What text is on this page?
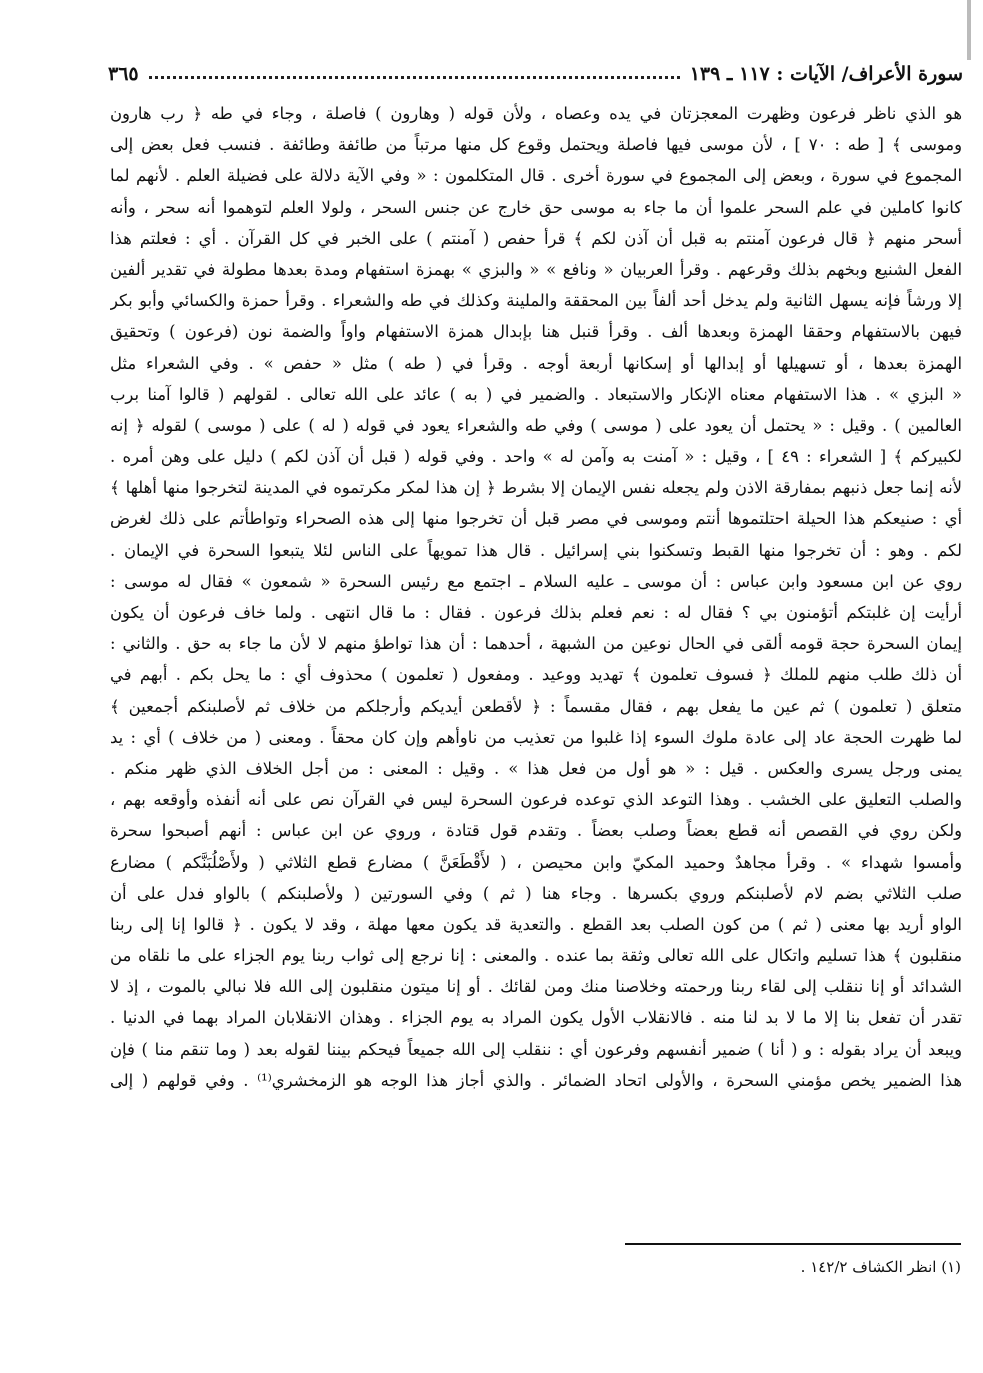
سورة الأعراف/ الآيات : ١١٧ ـ ١٣٩
٣٦٥
هو الذي ناظر فرعون وظهرت المعجزتان في يده وعصاه ، ولأن قوله ( وهارون ) فاصلة ، وجاء في طه ﴿ رب هارون
وموسى ﴾ [ طه : ٧٠ ] ، لأن موسى فيها فاصلة ويحتمل وقوع كل منها مرتباً من طائفة وطائفة . فنسب فعل بعض إلى
المجموع في سورة ، وبعض إلى المجموع في سورة أخرى . قال المتكلمون : « وفي الآية دلالة على فضيلة العلم . لأنهم لما
كانوا كاملين في علم السحر علموا أن ما جاء به موسى حق خارج عن جنس السحر ، ولولا العلم لتوهموا أنه سحر ، وأنه
أسحر منهم ﴿ قال فرعون آمنتم به قبل أن آذن لكم ﴾ قرأ حفص ( آمنتم ) على الخبر في كل القرآن . أي : فعلتم هذا
الفعل الشنيع وبخهم بذلك وقرعهم . وقرأ العربيان « ونافع » « والبزي » بهمزة استفهام ومدة بعدها مطولة في تقدير ألفين
إلا ورشاً فإنه يسهل الثانية ولم يدخل أحد ألفاً بين المحققة والملينة وكذلك في طه والشعراء . وقرأ حمزة والكسائي وأبو بكر
فيهن بالاستفهام وحققا الهمزة وبعدها ألف . وقرأ قنبل هنا بإبدال همزة الاستفهام واواً والضمة نون (فرعون ) وتحقيق
الهمزة بعدها ، أو تسهيلها أو إبدالها أو إسكانها أربعة أوجه . وقرأ في ( طه ) مثل « حفص » . وفي الشعراء مثل
« البزي » . هذا الاستفهام معناه الإنكار والاستبعاد . والضمير في ( به ) عائد على الله تعالى . لقولهم ( قالوا آمنا برب
العالمين ) . وقيل : « يحتمل أن يعود على ( موسى ) وفي طه والشعراء يعود في قوله ( له ) على ( موسى ) لقوله ﴿ إنه
لكبيركم ﴾ [ الشعراء : ٤٩ ] ، وقيل : « آمنت به وآمن له » واحد . وفي قوله ( قبل أن آذن لكم ) دليل على وهن أمره .
لأنه إنما جعل ذنبهم بمفارقة الاذن ولم يجعله نفس الإيمان إلا بشرط ﴿ إن هذا لمكر مكرتموه في المدينة لتخرجوا منها أهلها ﴾
أي : صنيعكم هذا الحيلة احتلتموها أنتم وموسى في مصر قبل أن تخرجوا منها إلى هذه الصحراء وتواطأتم على ذلك لغرض
لكم . وهو : أن تخرجوا منها القبط وتسكنوا بني إسرائيل . قال هذا تمويهاً على الناس لئلا يتبعوا السحرة في الإيمان .
روي عن ابن مسعود وابن عباس : أن موسى ـ عليه السلام ـ اجتمع مع رئيس السحرة « شمعون » فقال له موسى :
أرأيت إن غلبتكم أتؤمنون بي ؟ فقال له : نعم فعلم بذلك فرعون . فقال : ما قال انتهى . ولما خاف فرعون أن يكون
إيمان السحرة حجة قومه ألقى في الحال نوعين من الشبهة ، أحدهما : أن هذا تواطؤ منهم لا لأن ما جاء به حق . والثاني :
أن ذلك طلب منهم للملك ﴿ فسوف تعلمون ﴾ تهديد ووعيد . ومفعول ( تعلمون ) محذوف أي : ما يحل بكم . أبهم في
متعلق ( تعلمون ) ثم عين ما يفعل بهم ، فقال مقسماً : ﴿ لأقطعن أيديكم وأرجلكم من خلاف ثم لأصلبنكم أجمعين ﴾
لما ظهرت الحجة عاد إلى عادة ملوك السوء إذا غلبوا من تعذيب من ناوأهم وإن كان محقاً . ومعنى ( من خلاف ) أي : يد
يمنى ورجل يسرى والعكس . قيل : « هو أول من فعل هذا » . وقيل : المعنى : من أجل الخلاف الذي ظهر منكم .
والصلب التعليق على الخشب . وهذا التوعد الذي توعده فرعون السحرة ليس في القرآن نص على أنه أنفذه وأوقعه بهم ،
ولكن روي في القصص أنه قطع بعضاً وصلب بعضاً . وتقدم قول قتادة ، وروي عن ابن عباس : أنهم أصبحوا سحرة
وأمسوا شهداء » . وقرأ مجاهدٌ وحميد المكيّ وابن محيصن ، ( لأَقْطَعَنَّ ) مضارع قطع الثلاثي ( ولأَصْلُبَنَّكم ) مضارع
صلب الثلاثي بضم لام لأصلبنكم وروي بكسرها . وجاء هنا ( ثم ) وفي السورتين ( ولأصلبنكم ) بالواو فدل على أن
الواو أريد بها معنى ( ثم ) من كون الصلب بعد القطع . والتعدية قد يكون معها مهلة ، وقد لا يكون . ﴿ قالوا إنا إلى ربنا
منقلبون ﴾ هذا تسليم واتكال على الله تعالى وثقة بما عنده . والمعنى : إنا نرجع إلى ثواب ربنا يوم الجزاء على ما نلقاه من
الشدائد أو إنا ننقلب إلى لقاء ربنا ورحمته وخلاصنا منك ومن لقائك . أو إنا ميتون منقلبون إلى الله فلا نبالي بالموت ، إذ لا
تقدر أن تفعل بنا إلا ما لا بد لنا منه . فالانقلاب الأول يكون المراد به يوم الجزاء . وهذان الانقلابان المراد بهما في الدنيا .
ويبعد أن يراد بقوله : و ( أنا ) ضمير أنفسهم وفرعون أي : ننقلب إلى الله جميعاً فيحكم بيننا لقوله بعد ( وما تنقم منا ) فإن
هذا الضمير يخص مؤمني السحرة ، والأولى اتحاد الضمائر . والذي أجاز هذا الوجه هو الزمخشري⁽¹⁾ . وفي قولهم ( إلى
(١) انظر الكشاف ١٤٢/٢ .
